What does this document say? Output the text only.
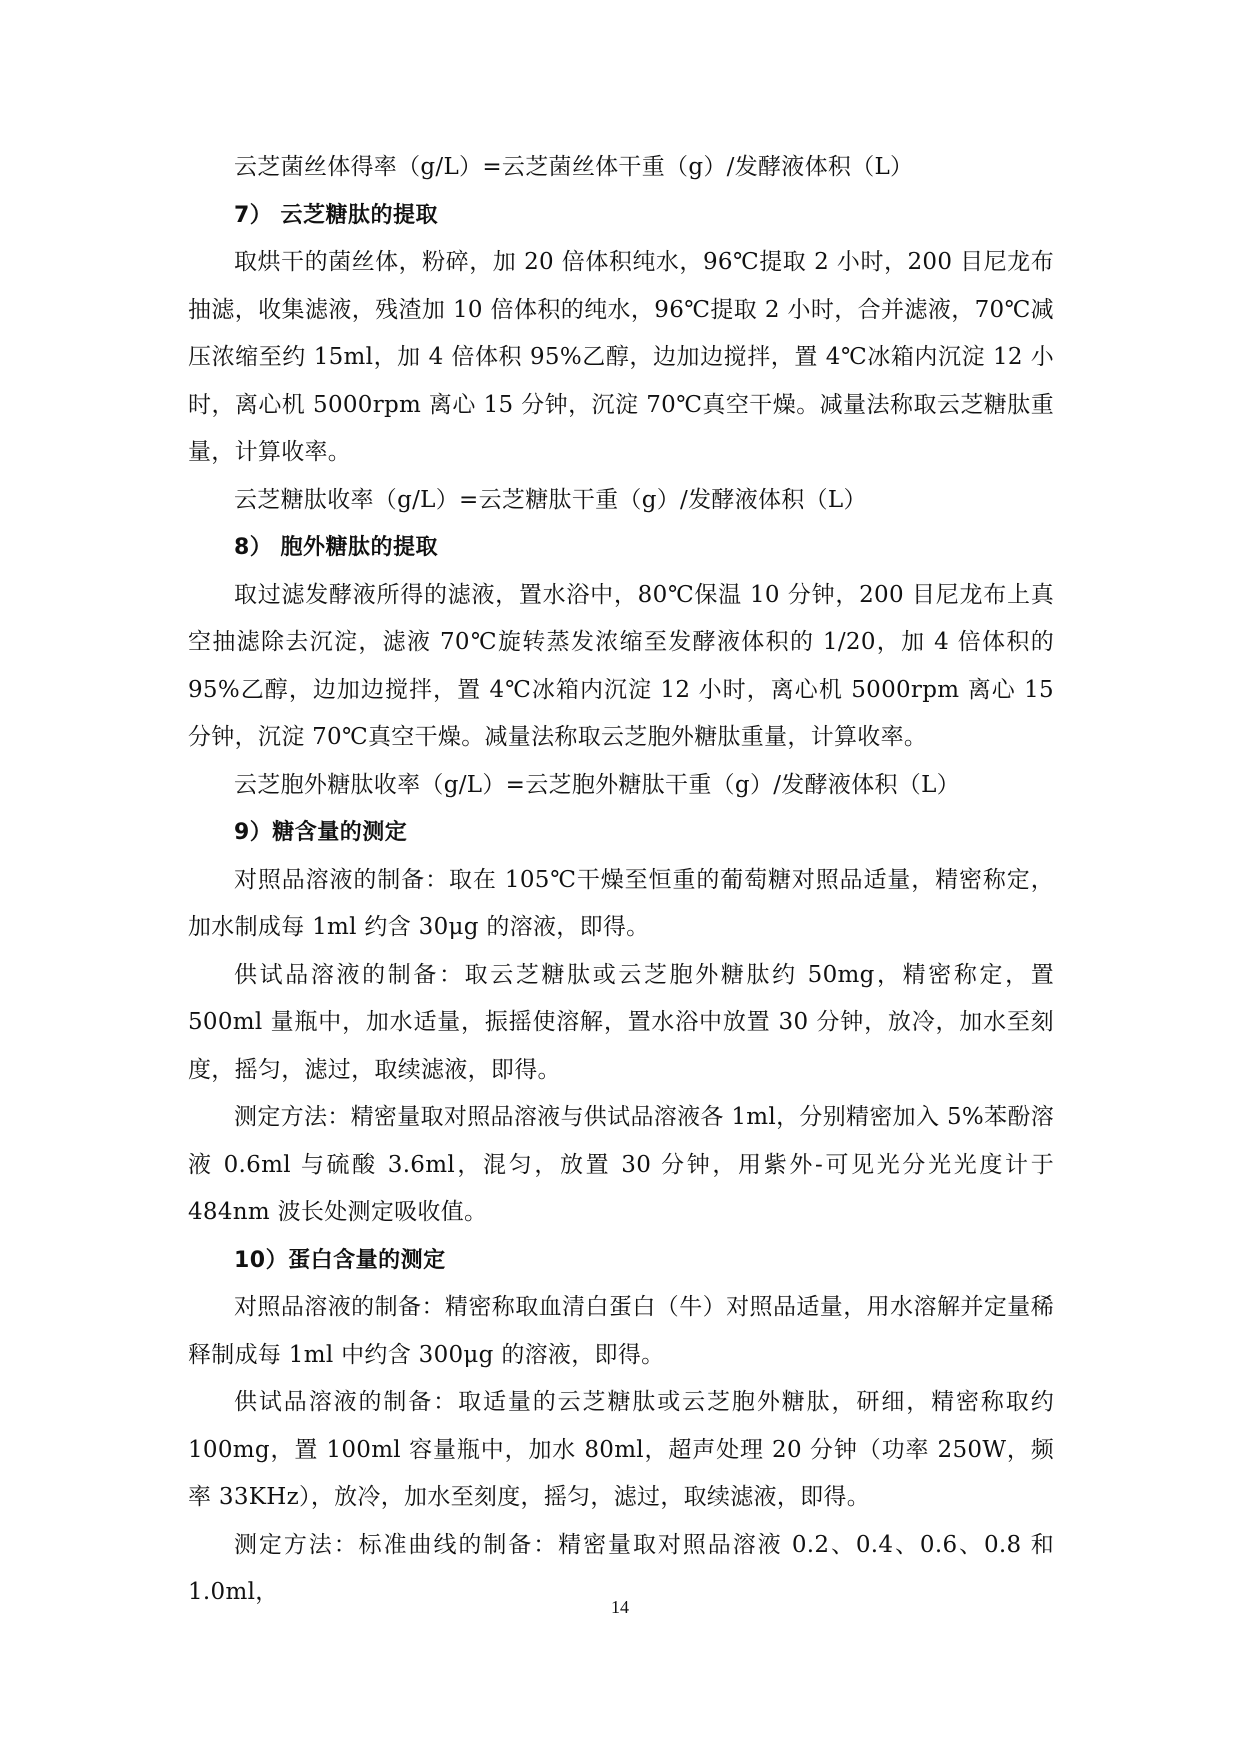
云芝菌丝体得率（g/L）=云芝菌丝体干重（g）/发酵液体积（L）

7） 云芝糖肽的提取

取烘干的菌丝体，粉碎，加 20 倍体积纯水，96℃提取 2 小时，200 目尼龙布抽滤，收集滤液，残渣加 10 倍体积的纯水，96℃提取 2 小时，合并滤液，70℃减压浓缩至约 15ml，加 4 倍体积 95%乙醇，边加边搅拌，置 4℃冰箱内沉淀 12 小时，离心机 5000rpm 离心 15 分钟，沉淀 70℃真空干燥。减量法称取云芝糖肽重量，计算收率。

云芝糖肽收率（g/L）=云芝糖肽干重（g）/发酵液体积（L）

8） 胞外糖肽的提取

取过滤发酵液所得的滤液，置水浴中，80℃保温 10 分钟，200 目尼龙布上真空抽滤除去沉淀，滤液 70℃旋转蒸发浓缩至发酵液体积的 1/20，加 4 倍体积的 95%乙醇，边加边搅拌，置 4℃冰箱内沉淀 12 小时，离心机 5000rpm 离心 15 分钟，沉淀 70℃真空干燥。减量法称取云芝胞外糖肽重量，计算收率。

云芝胞外糖肽收率（g/L）=云芝胞外糖肽干重（g）/发酵液体积（L）

9）糖含量的测定

对照品溶液的制备：取在 105℃干燥至恒重的葡萄糖对照品适量，精密称定，加水制成每 1ml 约含 30μg 的溶液，即得。

供试品溶液的制备：取云芝糖肽或云芝胞外糖肽约 50mg，精密称定，置 500ml 量瓶中，加水适量，振摇使溶解，置水浴中放置 30 分钟，放冷，加水至刻度，摇匀，滤过，取续滤液，即得。

测定方法：精密量取对照品溶液与供试品溶液各 1ml，分别精密加入 5%苯酚溶液 0.6ml 与硫酸 3.6ml，混匀，放置 30 分钟，用紫外-可见光分光光度计于 484nm 波长处测定吸收值。

10）蛋白含量的测定

对照品溶液的制备：精密称取血清白蛋白（牛）对照品适量，用水溶解并定量稀释制成每 1ml 中约含 300μg 的溶液，即得。

供试品溶液的制备：取适量的云芝糖肽或云芝胞外糖肽，研细，精密称取约 100mg，置 100ml 容量瓶中，加水 80ml，超声处理 20 分钟（功率 250W，频率 33KHz），放冷，加水至刻度，摇匀，滤过，取续滤液，即得。

测定方法：标准曲线的制备：精密量取对照品溶液 0.2、0.4、0.6、0.8 和 1.0ml，

14
